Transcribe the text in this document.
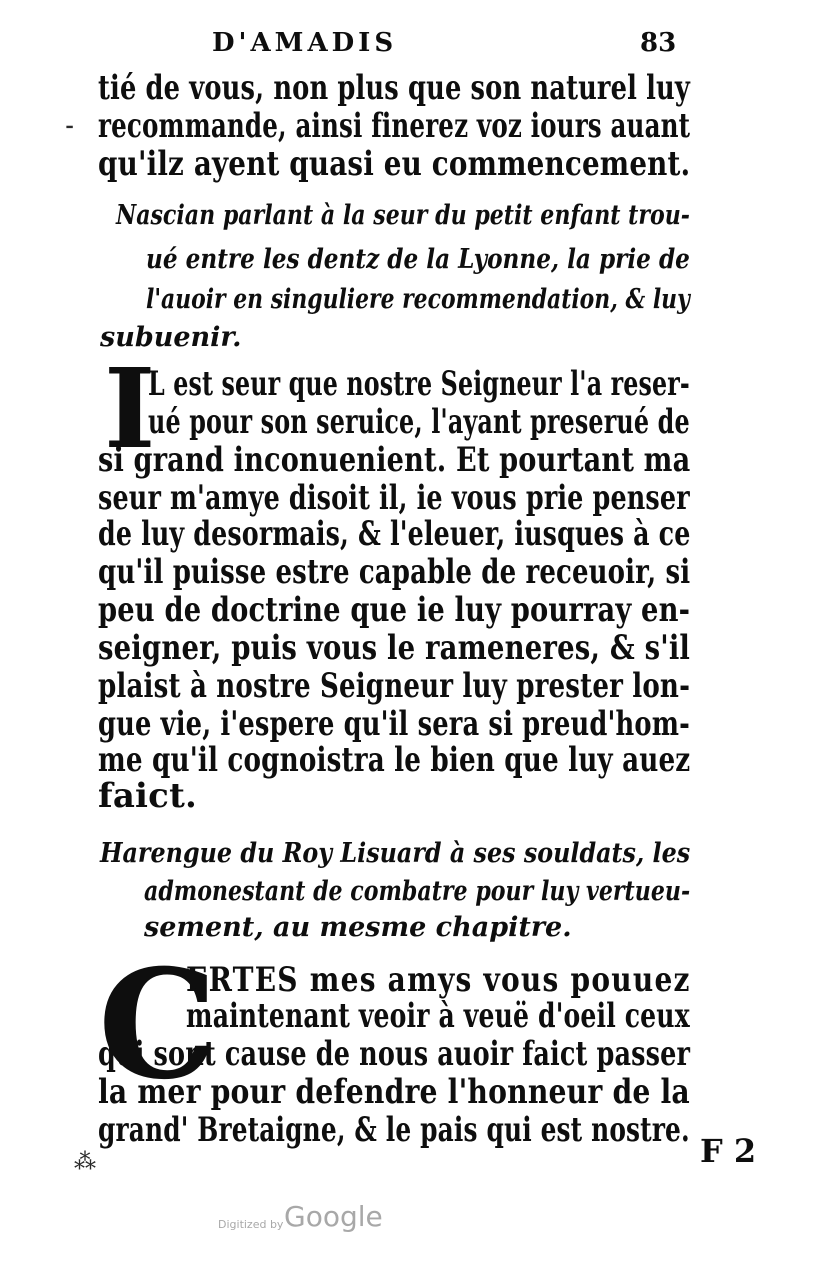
D'AMADIS	83
tié de vous, non plus que son naturel luy
recommande, ainsi finerez voz iours auant
qu'ilz ayent quasi eu commencement.
Nascian parlant à la seur du petit enfant trou-
ué entre les dentz de la Lyonne, la prie de
l'auoir en singuliere recommendation, & luy
subuenir.
I
L est seur que nostre Seigneur l'a reser-
ué pour son seruice, l'ayant preserué de
si grand inconuenient. Et pourtant ma
seur m'amye disoit il, ie vous prie penser
de luy desormais, & l'eleuer, iusques à ce
qu'il puisse estre capable de receuoir, si
peu de doctrine que ie luy pourray en-
seigner, puis vous le rameneres, & s'il
plaist à nostre Seigneur luy prester lon-
gue vie, i'espere qu'il sera si preud'hom-
me qu'il cognoistra le bien que luy auez
faict.
Harengue du Roy Lisuard à ses souldats, les
admonestant de combatre pour luy vertueu-
sement, au mesme chapitre.
C
ERTES mes amys vous pouuez
maintenant veoir à veuë d'oeil ceux
qui sont cause de nous auoir faict passer
la mer pour defendre l'honneur de la
grand' Bretaigne, & le pais qui est nostre.
F 2
⁃
⁂
Digitized by Google
